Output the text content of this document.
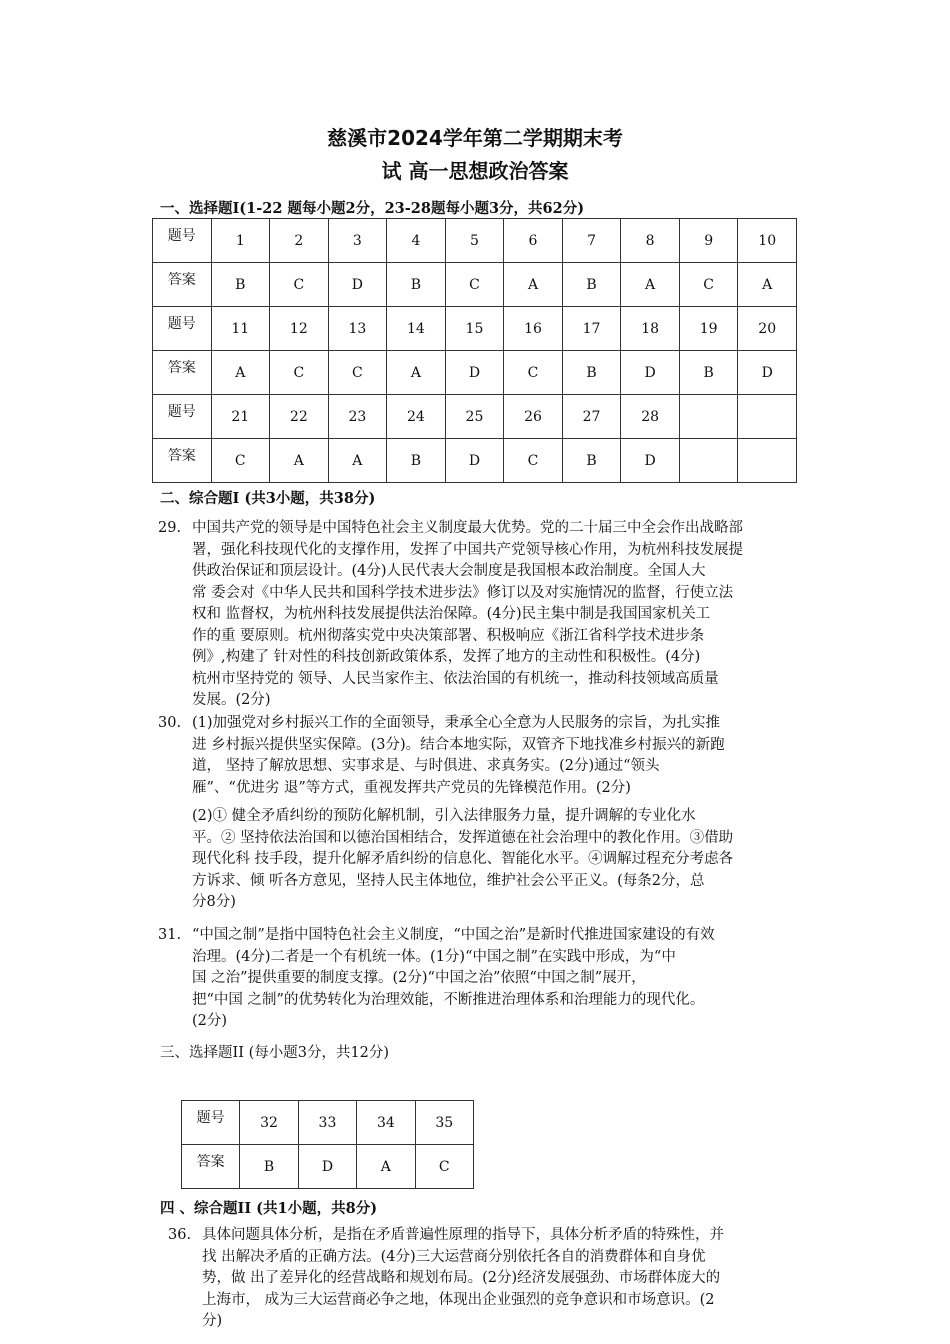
慈溪市2024学年第二学期期末考
试 高一思想政治答案
一、选择题I(1-22 题每小题2分，23-28题每小题3分，共62分)
题号	1	2	3	4	5	6	7	8	9	10
答案	B	C	D	B	C	A	B	A	C	A
题号	11	12	13	14	15	16	17	18	19	20
答案	A	C	C	A	D	C	B	D	B	D
题号	21	22	23	24	25	26	27	28		
答案	C	A	A	B	D	C	B	D		
二、综合题I (共3小题，共38分)
29. 中国共产党的领导是中国特色社会主义制度最大优势。党的二十届三中全会作出战略部
署，强化科技现代化的支撑作用，发挥了中国共产党领导核心作用，为杭州科技发展提
供政治保证和顶层设计。(4分)人民代表大会制度是我国根本政治制度。全国人大
常 委会对《中华人民共和国科学技术进步法》修订以及对实施情况的监督，行使立法
权和 监督权，为杭州科技发展提供法治保障。(4分)民主集中制是我国国家机关工
作的重 要原则。杭州彻落实党中央决策部署、积极响应《浙江省科学技术进步条
例》,构建了 针对性的科技创新政策体系，发挥了地方的主动性和积极性。(4分)
杭州市坚持党的 领导、人民当家作主、依法治国的有机统一，推动科技领域高质量
发展。(2分)
30. (1)加强党对乡村振兴工作的全面领导，秉承全心全意为人民服务的宗旨，为扎实推
进 乡村振兴提供坚实保障。(3分)。结合本地实际，双管齐下地找准乡村振兴的新跑
道， 坚持了解放思想、实事求是、与时俱进、求真务实。(2分)通过“领头
雁”、“优进劣 退”等方式，重视发挥共产党员的先锋模范作用。(2分)
(2)① 健全矛盾纠纷的预防化解机制，引入法律服务力量，提升调解的专业化水
平。② 坚持依法治国和以德治国相结合，发挥道德在社会治理中的教化作用。③借助
现代化科 技手段，提升化解矛盾纠纷的信息化、智能化水平。④调解过程充分考虑各
方诉求、倾 听各方意见，坚持人民主体地位，维护社会公平正义。(每条2分，总
分8分)
31. “中国之制”是指中国特色社会主义制度，“中国之治”是新时代推进国家建设的有效
治理。(4分)二者是一个有机统一体。(1分)“中国之制”在实践中形成，为“中
国 之治”提供重要的制度支撑。(2分)“中国之治”依照“中国之制”展开，
把“中国 之制”的优势转化为治理效能，不断推进治理体系和治理能力的现代化。
(2分)
三、选择题II (每小题3分，共12分)
题号	32	33	34	35
答案	B	D	A	C
四 、综合题II (共1小题，共8分)
36. 具体问题具体分析，是指在矛盾普遍性原理的指导下，具体分析矛盾的特殊性，并
找 出解决矛盾的正确方法。(4分)三大运营商分别依托各自的消费群体和自身优
势，做 出了差异化的经营战略和规划布局。(2分)经济发展强劲、市场群体庞大的
上海市， 成为三大运营商必争之地，体现出企业强烈的竞争意识和市场意识。(2
分)
